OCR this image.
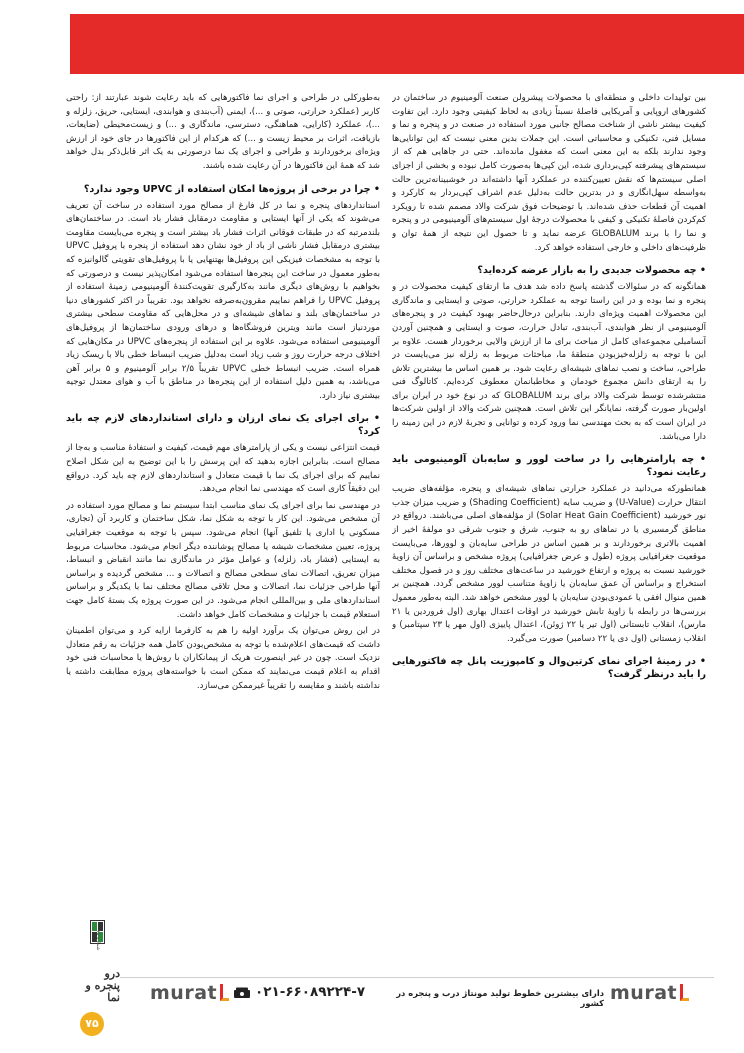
بین تولیدات داخلی و منطقه‌ای با محصولات پیشرولن صنعت آلومینیوم در ساختمان در کشورهای اروپایی و آمریکایی فاصلهٔ نسبتاً زیادی به لحاظ کیفیتی وجود دارد. این تفاوت کیفیت بیشتر ناشی از شناخت مصالح جانبی مورد استفاده در صنعت در و پنجره و نما و مسایل فنی، تکنیکی و محاسباتی است. این جملات بدین معنی نیست که این توانایی‌ها وجود ندارند بلکه به این معنی است که مغفول مانده‌اند. حتی در جاهایی هم که از سیستم‌های پیشرفته کپی‌برداری شده، این کپی‌ها به‌صورت کامل نبوده و بخشی از اجزای اصلی سیستم‌ها که نقش تعیین‌کننده در عملکرد آنها داشته‌اند در خوشبینانه‌ترین حالت به‌واسطه سهل‌انگاری و در بدترین حالت به‌دلیل عدم اشراف کپی‌بردار به کارکرد و اهمیت آن قطعات حذف شده‌اند. با توضیحات فوق شرکت والاد مصمم شده تا رویکرد کم‌کردن فاصلهٔ تکنیکی و کیفی با محصولات درجهٔ اول سیستم‌های آلومینیومی در و پنجره و نما را با برند GLOBALUM عرضه نماید و تا حصول این نتیجه از همهٔ توان و ظرفیت‌های داخلی و خارجی استفاده خواهد کرد.

• چه محصولات جدیدی را به بازار عرضه کرده‌اید؟

همانگونه که در سئوالات گذشته پاسخ داده شد هدف ما ارتقای کیفیت محصولات در و پنجره و نما بوده و در این راستا توجه به عملکرد حرارتی، صوتی و ایستایی و ماندگاری این محصولات اهمیت ویژه‌ای دارند. بنابراین درحال‌حاضر بهبود کیفیت در و پنجره‌های آلومینیومی از نظر هوابندی، آب‌بندی، تبادل حرارت، صوت و ایستایی و همچنین آوردن آنسامبلی مجموعه‌ای کامل از مباحث برای ما از ارزش والایی برخوردار هست. علاوه بر این با توجه به زلزله‌خیزبودن منطقهٔ ما، مباحثات مربوط به زلزله نیز می‌بایست در طراحی، ساخت و نصب نماهای شیشه‌ای رعایت شود. بر همین اساس ما بیشترین تلاش را به ارتقای دانش مجموع خودمان و مخاطبانمان معطوف کرده‌ایم. کاتالوگ فنی منتشرشده توسط شرکت والاد برای برند GLOBALUM که در نوع خود در ایران برای اولین‌بار صورت گرفته، نمایانگر این تلاش است. همچنین شرکت والاد از اولین شرکت‌ها در ایران است که به بحث مهندسی نما ورود کرده و توانایی و تجربهٔ لازم در این زمینه را دارا می‌باشد.

• چه پارامترهایی را در ساخت لوور و سایه‌بان آلومینیومی باید رعایت نمود؟

همانطورکه می‌دانید در عملکرد حرارتی نماهای شیشه‌ای و پنجره، مؤلفه‌های ضریب انتقال حرارت (U-Value) و ضریب سایه (Shading Coefficient) و ضریب میزان جذب نور خورشید (Solar Heat Gain Coefficient) از مؤلفه‌های اصلی می‌باشند. درواقع در مناطق گرمسیری یا در نماهای رو به جنوب، شرق و جنوب شرقی دو مولفهٔ اخیر از اهمیت بالاتری برخوردارند و بر همین اساس در طراحی سایه‌بان و لوورها، می‌بایست موقعیت جغرافیایی پروژه (طول و عرض جغرافیایی) پروژه مشخص و براساس آن زاویهٔ خورشید نسبت به پروژه و ارتفاع خورشید در ساعت‌های مختلف روز و در فصول مختلف استخراج و براساس آن عمق سایه‌بان یا زاویهٔ متناسب لوور مشخص گردد. همچنین بر همین منوال افقی یا عمودی‌بودن سایه‌بان یا لوور مشخص خواهد شد. البته به‌طور معمول بررسی‌ها در رابطه با زاویهٔ تابش خورشید در اوقات اعتدال بهاری (اول فروردین یا ۲۱ مارس)، انقلاب تابستانی (اول تیر یا ۲۲ ژوئن)، اعتدال پاییزی (اول مهر یا ۲۳ سپتامبر) و انقلاب زمستانی (اول دی یا ۲۲ دسامبر) صورت می‌گیرد.

• در زمینهٔ اجرای نمای کرتین‌وال و کامپوزیت پانل چه فاکتورهایی را باید درنظر گرفت؟

به‌طورکلی در طراحی و اجرای نما فاکتورهایی که باید رعایت شوند عبارتند از: راحتی کاربر (عملکرد حرارتی، صوتی و ...)، ایمنی (آب‌بندی و هوابندی، ایستایی، حریق، زلزله و ...)، عملکرد (کارایی، هماهنگی، دسترسی، ماندگاری و ...) و زیست‌محیطی (ضایعات، بازیافت، اثرات بر محیط زیست و ...) که هرکدام از این فاکتورها در جای خود از ارزش ویژه‌ای برخوردارند و طراحی و اجرای یک نما درصورتی به یک اثر قابل‌ذکر بدل خواهد شد که همهٔ این فاکتورها در آن رعایت شده باشند.

• چرا در برخی از پروژه‌ها امکان استفاده از UPVC وجود ندارد؟

استانداردهای پنجره و نما در کل فارغ از مصالح مورد استفاده در ساخت آن تعریف می‌شوند که یکی از آنها ایستایی و مقاومت درمقابل فشار باد است. در ساختمان‌های بلندمرتبه که در طبقات فوقانی اثرات فشار باد بیشتر است و پنجره می‌بایست مقاومت بیشتری درمقابل فشار ناشی از باد از خود نشان دهد استفاده از پنجره با پروفیل UPVC با توجه به مشخصات فیزیکی این پروفیل‌ها بهتنهایی یا با پروفیل‌های تقویتی گالوانیزه که به‌طور معمول در ساخت این پنجره‌ها استفاده می‌شود امکان‌پذیر نیست و درصورتی که بخواهیم با روش‌های دیگری مانند به‌کارگیری تقویت‌کنندهٔ آلومینیومی زمینهٔ استفاده از پروفیل UPVC را فراهم نماییم مقرون‌به‌صرفه نخواهد بود. تقریباً در اکثر کشورهای دنیا در ساختمان‌های بلند و نماهای شیشه‌ای و در محل‌هایی که مقاومت سطحی بیشتری موردنیاز است مانند ویترین فروشگاه‌ها و درهای ورودی ساختمان‌ها از پروفیل‌های آلومینیومی استفاده می‌شود. علاوه بر این استفاده از پنجره‌های UPVC در مکان‌هایی که اختلاف درجه حرارت روز و شب زیاد است به‌دلیل ضریب انبساط خطی بالا با ریسک زیاد همراه است. ضریب انبساط خطی UPVC تقریباً ۲/۵ برابر آلومینیوم و ۵ برابر آهن می‌باشد، به همین دلیل استفاده از این پنجره‌ها در مناطق با آب و هوای معتدل توجیه بیشتری نیاز دارد.

• برای اجرای یک نمای ارزان و دارای استانداردهای لازم چه باید کرد؟

قیمت انتزاعی نیست و یکی از پارامترهای مهم قیمت، کیفیت و استفادهٔ مناسب و به‌جا از مصالح است. بنابراین اجازه بدهید که این پرسش را با این توضیح به این شکل اصلاح نماییم که برای اجرای یک نما با قیمت متعادل و استانداردهای لازم چه باید کرد. درواقع این دقیقاً کاری است که مهندسی نما انجام می‌دهد.

در مهندسی نما برای اجرای یک نمای مناسب ابتدا سیستم نما و مصالح مورد استفاده در آن مشخص می‌شود. این کار با توجه به شکل نما، شکل ساختمان و کاربرد آن (تجاری، مسکونی یا اداری یا تلفیق آنها) انجام می‌شود. سپس با توجه به موقعیت جغرافیایی پروژه، تعیین مشخصات شیشه یا مصالح پوشاننده دیگر انجام می‌شود. محاسبات مربوط به ایستایی (فشار باد، زلزله) و عوامل مؤثر در ماندگاری نما مانند انقباض و انبساط، میزان تعریق، اتصالات نمای سطحی مصالح و اتصالات و ... مشخص گردیده و براساس آنها طراحی جزئیات نما، اتصالات و محل تلاقی مصالح مختلف نما با یکدیگر و براساس استانداردهای ملی و بین‌المللی انجام می‌شود. در این صورت پروژه یک بستهٔ کامل جهت استعلام قیمت با جزئیات و مشخصات کامل خواهد داشت.

در این روش می‌توان یک برآورد اولیه را هم به کارفرما ارایه کرد و می‌توان اطمینان داشت که قیمت‌های اعلام‌شده با توجه به مشخص‌بودن کامل همه جزئیات به رقم متعادل نزدیک است. چون در غیر اینصورت هریک از پیمانکاران با روش‌ها یا محاسبات فنی خود اقدام به اعلام قیمت می‌نمایند که ممکن است با خواسته‌های پروژه مطابقت داشته یا نداشته باشند و مقایسه را تقریباً غیرممکن می‌سازد.

murat
دارای بیشترین خطوط تولید مونتاژ درب و پنجره در کشور
۰۲۱-۶۶۰۸۹۲۲۴-۷
murat
شماره ۷۵
درو پنجره و نما
۷۵
